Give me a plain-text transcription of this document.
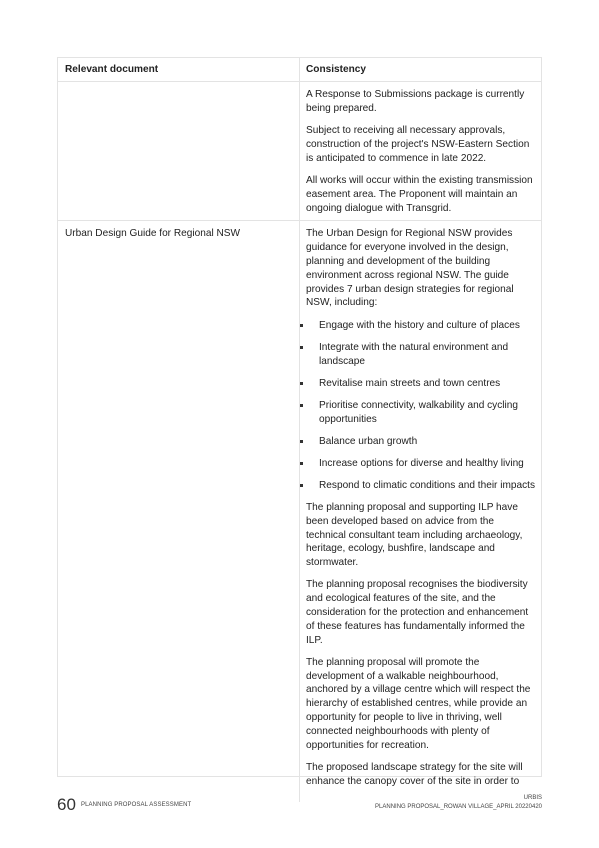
Relevant document	Consistency

A Response to Submissions package is currently being prepared.

Subject to receiving all necessary approvals, construction of the project's NSW-Eastern Section is anticipated to commence in late 2022.

All works will occur within the existing transmission easement area. The Proponent will maintain an ongoing dialogue with Transgrid.

Urban Design Guide for Regional NSW	The Urban Design for Regional NSW provides guidance for everyone involved in the design, planning and development of the building environment across regional NSW. The guide provides 7 urban design strategies for regional NSW, including:

Engage with the history and culture of places
Integrate with the natural environment and landscape
Revitalise main streets and town centres
Prioritise connectivity, walkability and cycling opportunities
Balance urban growth
Increase options for diverse and healthy living
Respond to climatic conditions and their impacts

The planning proposal and supporting ILP have been developed based on advice from the technical consultant team including archaeology, heritage, ecology, bushfire, landscape and stormwater.

The planning proposal recognises the biodiversity and ecological features of the site, and the consideration for the protection and enhancement of these features has fundamentally informed the ILP.

The planning proposal will promote the development of a walkable neighbourhood, anchored by a village centre which will respect the hierarchy of established centres, while provide an opportunity for people to live in thriving, well connected neighbourhoods with plenty of opportunities for recreation.

The proposed landscape strategy for the site will enhance the canopy cover of the site in order to

60 PLANNING PROPOSAL ASSESSMENT
URBIS
PLANNING PROPOSAL_ROWAN VILLAGE_APRIL 20220420
